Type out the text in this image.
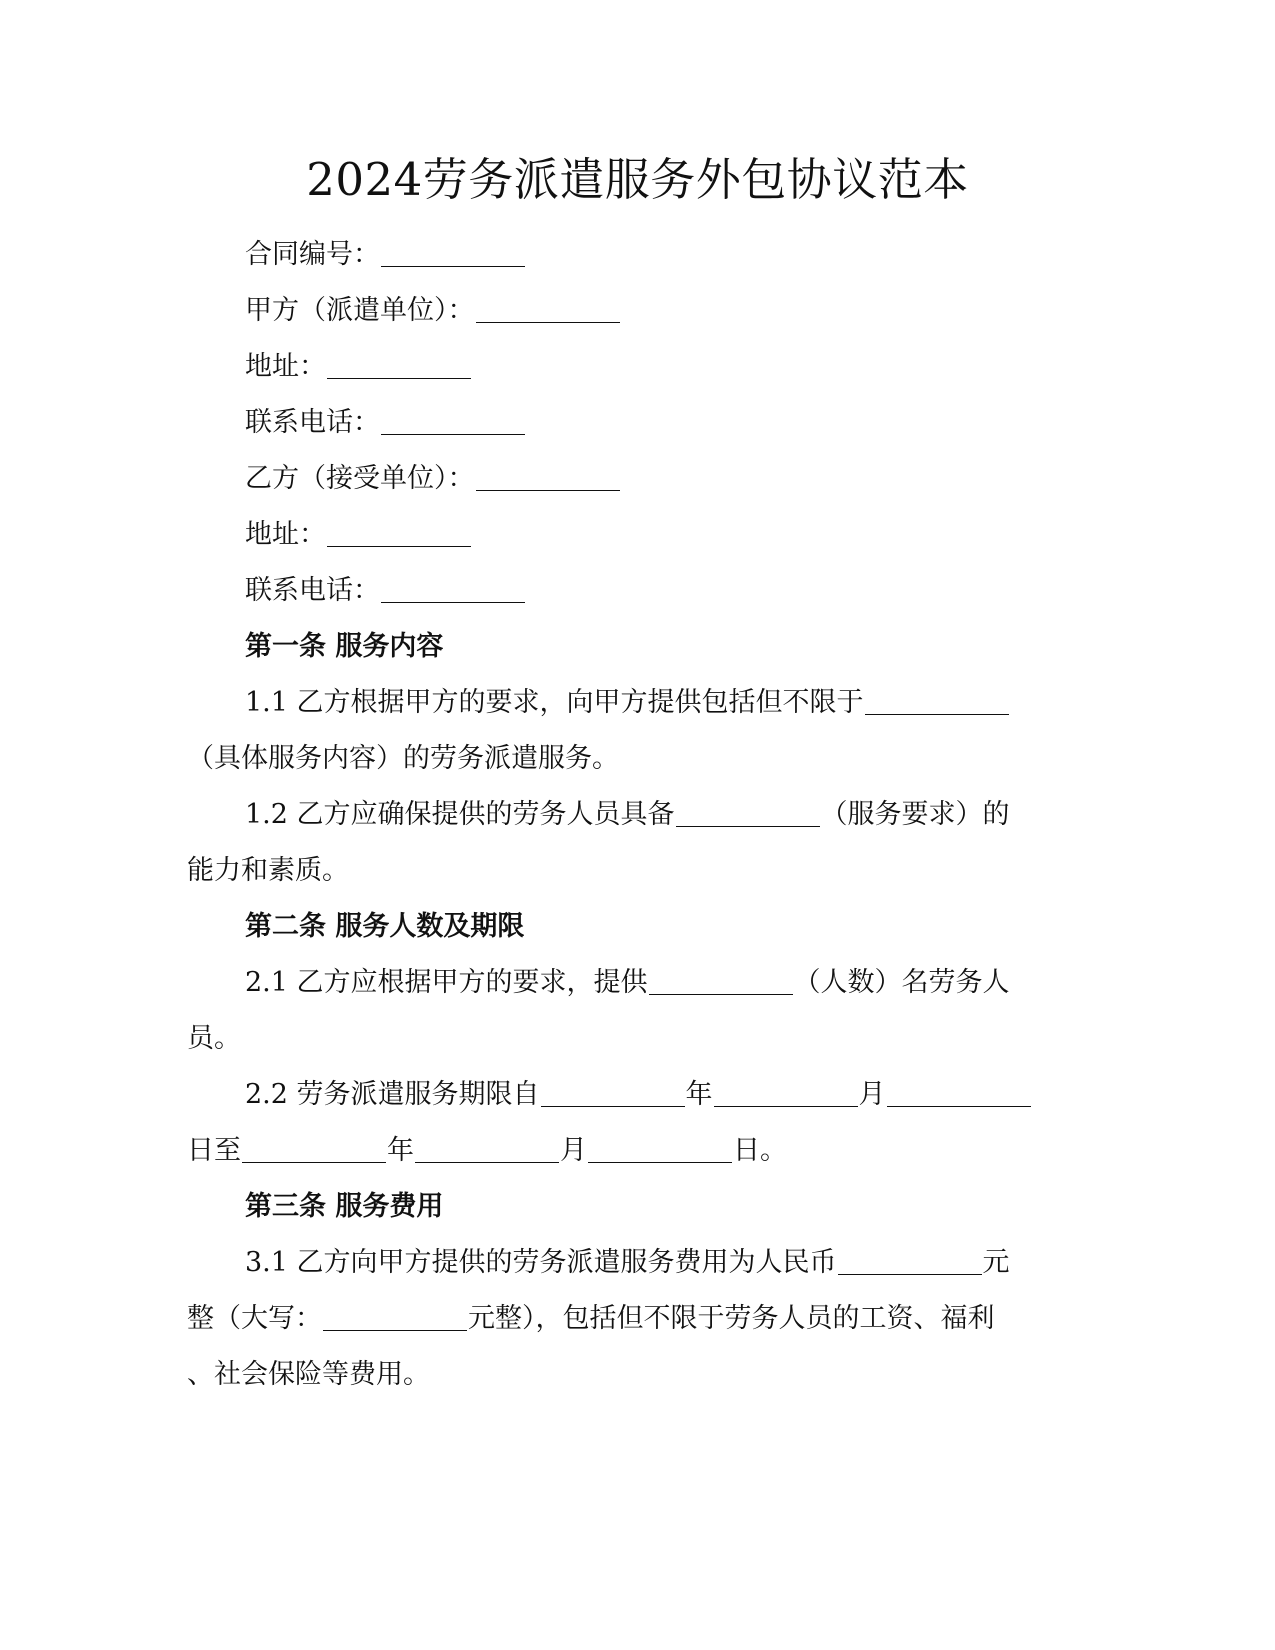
2024劳务派遣服务外包协议范本
合同编号：
甲方（派遣单位）：
地址：
联系电话：
乙方（接受单位）：
地址：
联系电话：
第一条 服务内容
1.1 乙方根据甲方的要求，向甲方提供包括但不限于
（具体服务内容）的劳务派遣服务。
1.2 乙方应确保提供的劳务人员具备	（服务要求）的
能力和素质。
第二条 服务人数及期限
2.1 乙方应根据甲方的要求，提供	（人数）名劳务人
员。
2.2 劳务派遣服务期限自	年	月
日至	年	月	日。
第三条 服务费用
3.1 乙方向甲方提供的劳务派遣服务费用为人民币	元
整（大写：	元整），包括但不限于劳务人员的工资、福利
、社会保险等费用。
